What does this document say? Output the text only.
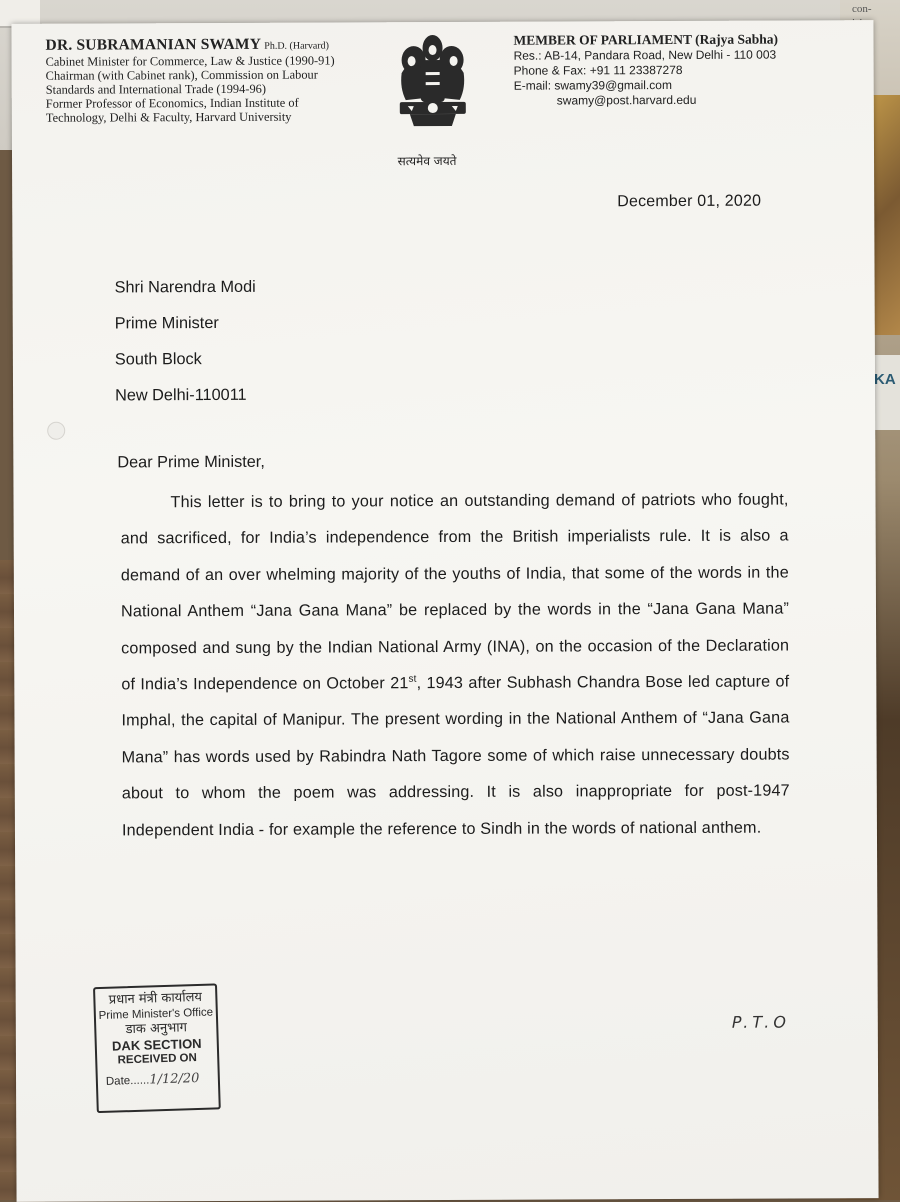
con-
KA
DR. SUBRAMANIAN SWAMY Ph.D. (Harvard)
Cabinet Minister for Commerce, Law & Justice (1990-91)
Chairman (with Cabinet rank), Commission on Labour
Standards and International Trade (1994-96)
Former Professor of Economics, Indian Institute of
Technology, Delhi & Faculty, Harvard University
सत्यमेव जयते
MEMBER OF PARLIAMENT (Rajya Sabha)
Res.: AB-14, Pandara Road, New Delhi - 110 003
Phone & Fax: +91 11 23387278
E-mail: swamy39@gmail.com
swamy@post.harvard.edu
December 01, 2020
Shri Narendra Modi
Prime Minister
South Block
New Delhi-110011
Dear Prime Minister,
This letter is to bring to your notice an outstanding demand of patriots who fought, and sacrificed, for India’s independence from the British imperialists rule. It is also a demand of an over whelming majority of the youths of India, that some of the words in the National Anthem “Jana Gana Mana” be replaced by the words in the “Jana Gana Mana” composed and sung by the Indian National Army (INA), on the occasion of the Declaration of India’s Independence on October 21st, 1943 after Subhash Chandra Bose led capture of Imphal, the capital of Manipur. The present wording in the National Anthem of “Jana Gana Mana” has words used by Rabindra Nath Tagore some of which raise unnecessary doubts about to whom the poem was addressing. It is also inappropriate for post-1947 Independent India - for example the reference to Sindh in the words of national anthem.
P.T.O
प्रधान मंत्री कार्यालय
Prime Minister's Office
डाक अनुभाग
DAK SECTION
RECEIVED ON
Date......1/12/20
